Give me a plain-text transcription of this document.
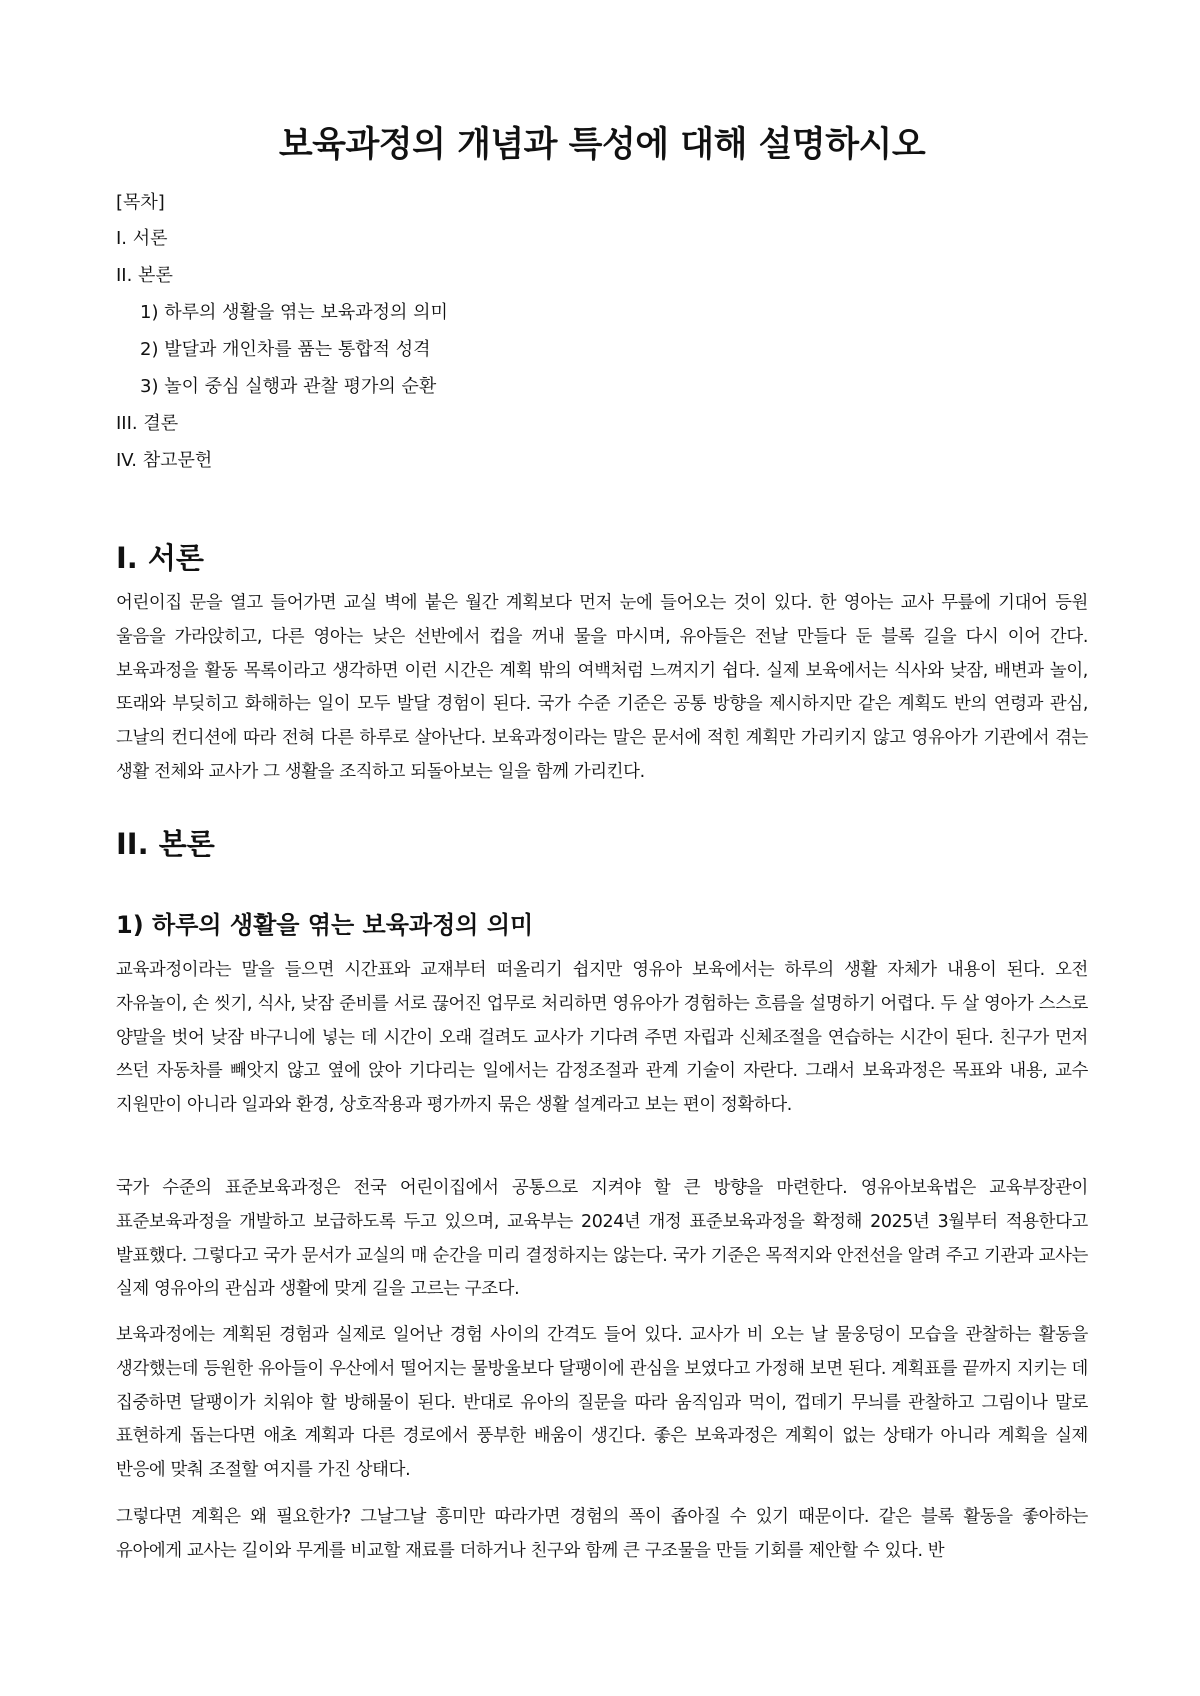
보육과정의 개념과 특성에 대해 설명하시오
[목차]
I. 서론
II. 본론
1) 하루의 생활을 엮는 보육과정의 의미
2) 발달과 개인차를 품는 통합적 성격
3) 놀이 중심 실행과 관찰 평가의 순환
III. 결론
IV. 참고문헌
I. 서론

어린이집 문을 열고 들어가면 교실 벽에 붙은 월간 계획보다 먼저 눈에 들어오는 것이 있다. 한 영아는 교사 무릎에 기대어 등원 울음을 가라앉히고, 다른 영아는 낮은 선반에서 컵을 꺼내 물을 마시며, 유아들은 전날 만들다 둔 블록 길을 다시 이어 간다. 보육과정을 활동 목록이라고 생각하면 이런 시간은 계획 밖의 여백처럼 느껴지기 쉽다. 실제 보육에서는 식사와 낮잠, 배변과 놀이, 또래와 부딪히고 화해하는 일이 모두 발달 경험이 된다. 국가 수준 기준은 공통 방향을 제시하지만 같은 계획도 반의 연령과 관심, 그날의 컨디션에 따라 전혀 다른 하루로 살아난다. 보육과정이라는 말은 문서에 적힌 계획만 가리키지 않고 영유아가 기관에서 겪는 생활 전체와 교사가 그 생활을 조직하고 되돌아보는 일을 함께 가리킨다.

II. 본론
1) 하루의 생활을 엮는 보육과정의 의미

교육과정이라는 말을 들으면 시간표와 교재부터 떠올리기 쉽지만 영유아 보육에서는 하루의 생활 자체가 내용이 된다. 오전 자유놀이, 손 씻기, 식사, 낮잠 준비를 서로 끊어진 업무로 처리하면 영유아가 경험하는 흐름을 설명하기 어렵다. 두 살 영아가 스스로 양말을 벗어 낮잠 바구니에 넣는 데 시간이 오래 걸려도 교사가 기다려 주면 자립과 신체조절을 연습하는 시간이 된다. 친구가 먼저 쓰던 자동차를 빼앗지 않고 옆에 앉아 기다리는 일에서는 감정조절과 관계 기술이 자란다. 그래서 보육과정은 목표와 내용, 교수 지원만이 아니라 일과와 환경, 상호작용과 평가까지 묶은 생활 설계라고 보는 편이 정확하다.

국가 수준의 표준보육과정은 전국 어린이집에서 공통으로 지켜야 할 큰 방향을 마련한다. 영유아보육법은 교육부장관이 표준보육과정을 개발하고 보급하도록 두고 있으며, 교육부는 2024년 개정 표준보육과정을 확정해 2025년 3월부터 적용한다고 발표했다. 그렇다고 국가 문서가 교실의 매 순간을 미리 결정하지는 않는다. 국가 기준은 목적지와 안전선을 알려 주고 기관과 교사는 실제 영유아의 관심과 생활에 맞게 길을 고르는 구조다.

보육과정에는 계획된 경험과 실제로 일어난 경험 사이의 간격도 들어 있다. 교사가 비 오는 날 물웅덩이 모습을 관찰하는 활동을 생각했는데 등원한 유아들이 우산에서 떨어지는 물방울보다 달팽이에 관심을 보였다고 가정해 보면 된다. 계획표를 끝까지 지키는 데 집중하면 달팽이가 치워야 할 방해물이 된다. 반대로 유아의 질문을 따라 움직임과 먹이, 껍데기 무늬를 관찰하고 그림이나 말로 표현하게 돕는다면 애초 계획과 다른 경로에서 풍부한 배움이 생긴다. 좋은 보육과정은 계획이 없는 상태가 아니라 계획을 실제 반응에 맞춰 조절할 여지를 가진 상태다.

그렇다면 계획은 왜 필요한가? 그날그날 흥미만 따라가면 경험의 폭이 좁아질 수 있기 때문이다. 같은 블록 활동을 좋아하는 유아에게 교사는 길이와 무게를 비교할 재료를 더하거나 친구와 함께 큰 구조물을 만들 기회를 제안할 수 있다. 반
